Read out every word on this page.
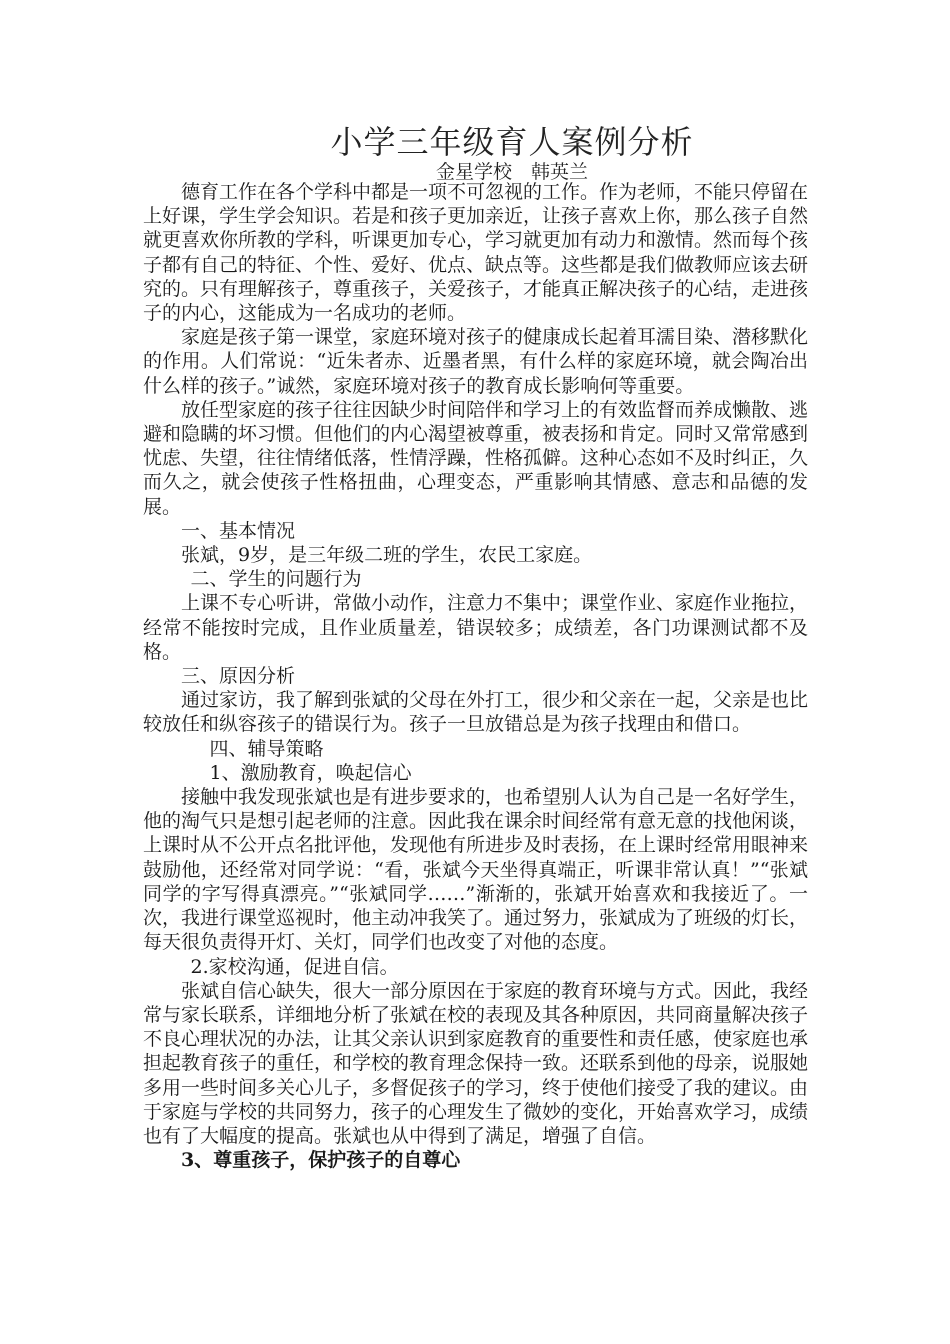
小学三年级育人案例分析
金星学校　韩英兰

德育工作在各个学科中都是一项不可忽视的工作。作为老师，不能只停留在上好课，学生学会知识。若是和孩子更加亲近，让孩子喜欢上你，那么孩子自然就更喜欢你所教的学科，听课更加专心，学习就更加有动力和激情。然而每个孩子都有自己的特征、个性、爱好、优点、缺点等。这些都是我们做教师应该去研究的。只有理解孩子，尊重孩子，关爱孩子，才能真正解决孩子的心结，走进孩子的内心，这能成为一名成功的老师。

家庭是孩子第一课堂，家庭环境对孩子的健康成长起着耳濡目染、潜移默化的作用。人们常说：“近朱者赤、近墨者黑，有什么样的家庭环境，就会陶冶出什么样的孩子。”诚然，家庭环境对孩子的教育成长影响何等重要。

放任型家庭的孩子往往因缺少时间陪伴和学习上的有效监督而养成懒散、逃避和隐瞒的坏习惯。但他们的内心渴望被尊重，被表扬和肯定。同时又常常感到忧虑、失望，往往情绪低落，性情浮躁，性格孤僻。这种心态如不及时纠正，久而久之，就会使孩子性格扭曲，心理变态，严重影响其情感、意志和品德的发展。

一、基本情况

张斌，9岁，是三年级二班的学生，农民工家庭。

二、学生的问题行为

上课不专心听讲，常做小动作，注意力不集中；课堂作业、家庭作业拖拉，经常不能按时完成，且作业质量差，错误较多；成绩差，各门功课测试都不及格。

三、原因分析

通过家访，我了解到张斌的父母在外打工，很少和父亲在一起，父亲是也比较放任和纵容孩子的错误行为。孩子一旦放错总是为孩子找理由和借口。

四、辅导策略

1、激励教育，唤起信心

接触中我发现张斌也是有进步要求的，也希望别人认为自己是一名好学生，他的淘气只是想引起老师的注意。因此我在课余时间经常有意无意的找他闲谈，上课时从不公开点名批评他，发现他有所进步及时表扬，在上课时经常用眼神来鼓励他，还经常对同学说：“看，张斌今天坐得真端正，听课非常认真！”“张斌同学的字写得真漂亮。”“张斌同学……”渐渐的，张斌开始喜欢和我接近了。一次，我进行课堂巡视时，他主动冲我笑了。通过努力，张斌成为了班级的灯长，每天很负责得开灯、关灯，同学们也改变了对他的态度。

2.家校沟通，促进自信。

张斌自信心缺失，很大一部分原因在于家庭的教育环境与方式。因此，我经常与家长联系，详细地分析了张斌在校的表现及其各种原因，共同商量解决孩子不良心理状况的办法，让其父亲认识到家庭教育的重要性和责任感，使家庭也承担起教育孩子的重任，和学校的教育理念保持一致。还联系到他的母亲，说服她多用一些时间多关心儿子，多督促孩子的学习，终于使他们接受了我的建议。由于家庭与学校的共同努力，孩子的心理发生了微妙的变化，开始喜欢学习，成绩也有了大幅度的提高。张斌也从中得到了满足，增强了自信。

3、尊重孩子，保护孩子的自尊心
